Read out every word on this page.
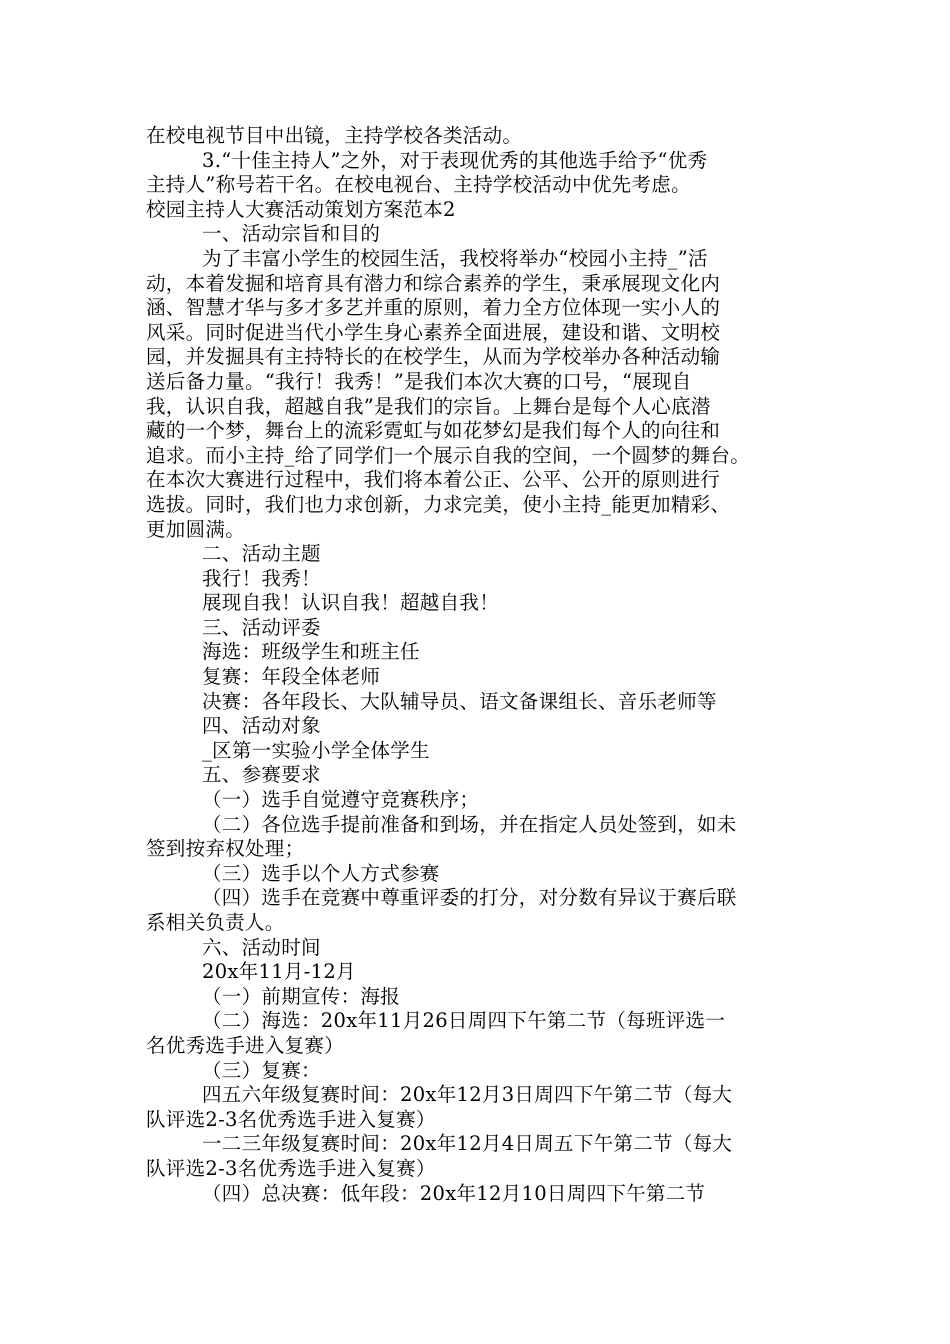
在校电视节目中出镜，主持学校各类活动。
3.“十佳主持人”之外，对于表现优秀的其他选手给予“优秀
主持人”称号若干名。在校电视台、主持学校活动中优先考虑。
校园主持人大赛活动策划方案范本2
一、活动宗旨和目的
为了丰富小学生的校园生活，我校将举办“校园小主持_”活
动，本着发掘和培育具有潜力和综合素养的学生，秉承展现文化内
涵、智慧才华与多才多艺并重的原则，着力全方位体现一实小人的
风采。同时促进当代小学生身心素养全面进展，建设和谐、文明校
园，并发掘具有主持特长的在校学生，从而为学校举办各种活动输
送后备力量。“我行！我秀！”是我们本次大赛的口号，“展现自
我，认识自我，超越自我”是我们的宗旨。上舞台是每个人心底潜
藏的一个梦，舞台上的流彩霓虹与如花梦幻是我们每个人的向往和
追求。而小主持_给了同学们一个展示自我的空间，一个圆梦的舞台。
在本次大赛进行过程中，我们将本着公正、公平、公开的原则进行
选拔。同时，我们也力求创新，力求完美，使小主持_能更加精彩、
更加圆满。
二、活动主题
我行！我秀！
展现自我！认识自我！超越自我！
三、活动评委
海选：班级学生和班主任
复赛：年段全体老师
决赛：各年段长、大队辅导员、语文备课组长、音乐老师等
四、活动对象
_区第一实验小学全体学生
五、参赛要求
（一）选手自觉遵守竞赛秩序；
（二）各位选手提前准备和到场，并在指定人员处签到，如未
签到按弃权处理；
（三）选手以个人方式参赛
（四）选手在竞赛中尊重评委的打分，对分数有异议于赛后联
系相关负责人。
六、活动时间
20x年11月-12月
（一）前期宣传：海报
（二）海选：20x年11月26日周四下午第二节（每班评选一
名优秀选手进入复赛）
（三）复赛：
四五六年级复赛时间：20x年12月3日周四下午第二节（每大
队评选2-3名优秀选手进入复赛）
一二三年级复赛时间：20x年12月4日周五下午第二节（每大
队评选2-3名优秀选手进入复赛）
（四）总决赛：低年段：20x年12月10日周四下午第二节
